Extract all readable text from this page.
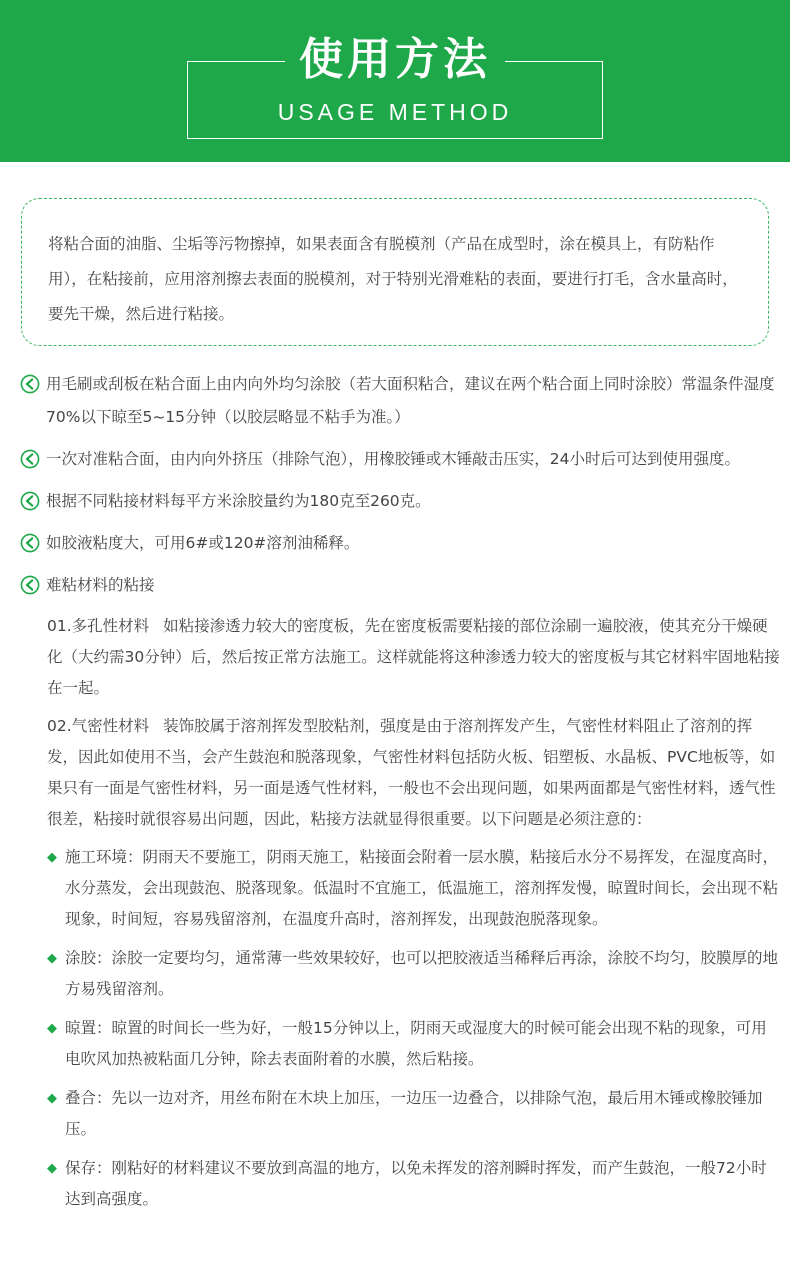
使用方法
USAGE METHOD
将粘合面的油脂、尘垢等污物擦掉，如果表面含有脱模剂（产品在成型时，涂在模具上，有防粘作用），在粘接前，应用溶剂擦去表面的脱模剂，对于特别光滑难粘的表面，要进行打毛，含水量高时，要先干燥，然后进行粘接。
用毛刷或刮板在粘合面上由内向外均匀涂胶（若大面积粘合，建议在两个粘合面上同时涂胶）常温条件湿度70%以下晾至5~15分钟（以胶层略显不粘手为准。）
一次对准粘合面，由内向外挤压（排除气泡），用橡胶锤或木锤敲击压实，24小时后可达到使用强度。
根据不同粘接材料每平方米涂胶量约为180克至260克。
如胶液粘度大，可用6#或120#溶剂油稀释。
难粘材料的粘接
01.多孔性材料 如粘接渗透力较大的密度板，先在密度板需要粘接的部位涂刷一遍胶液，使其充分干燥硬化（大约需30分钟）后，然后按正常方法施工。这样就能将这种渗透力较大的密度板与其它材料牢固地粘接在一起。
02.气密性材料 装饰胶属于溶剂挥发型胶粘剂，强度是由于溶剂挥发产生，气密性材料阻止了溶剂的挥发，因此如使用不当，会产生鼓泡和脱落现象，气密性材料包括防火板、铝塑板、水晶板、PVC地板等，如果只有一面是气密性材料，另一面是透气性材料，一般也不会出现问题，如果两面都是气密性材料，透气性很差，粘接时就很容易出问题，因此，粘接方法就显得很重要。以下问题是必须注意的：
◆ 施工环境：阴雨天不要施工，阴雨天施工，粘接面会附着一层水膜，粘接后水分不易挥发，在湿度高时，水分蒸发，会出现鼓泡、脱落现象。低温时不宜施工，低温施工，溶剂挥发慢，晾置时间长，会出现不粘现象，时间短，容易残留溶剂，在温度升高时，溶剂挥发，出现鼓泡脱落现象。
◆ 涂胶：涂胶一定要均匀，通常薄一些效果较好，也可以把胶液适当稀释后再涂，涂胶不均匀，胶膜厚的地方易残留溶剂。
◆ 晾置：晾置的时间长一些为好，一般15分钟以上，阴雨天或湿度大的时候可能会出现不粘的现象，可用电吹风加热被粘面几分钟，除去表面附着的水膜，然后粘接。
◆ 叠合：先以一边对齐，用丝布附在木块上加压，一边压一边叠合，以排除气泡，最后用木锤或橡胶锤加压。
◆ 保存：刚粘好的材料建议不要放到高温的地方，以免未挥发的溶剂瞬时挥发，而产生鼓泡，一般72小时达到高强度。
